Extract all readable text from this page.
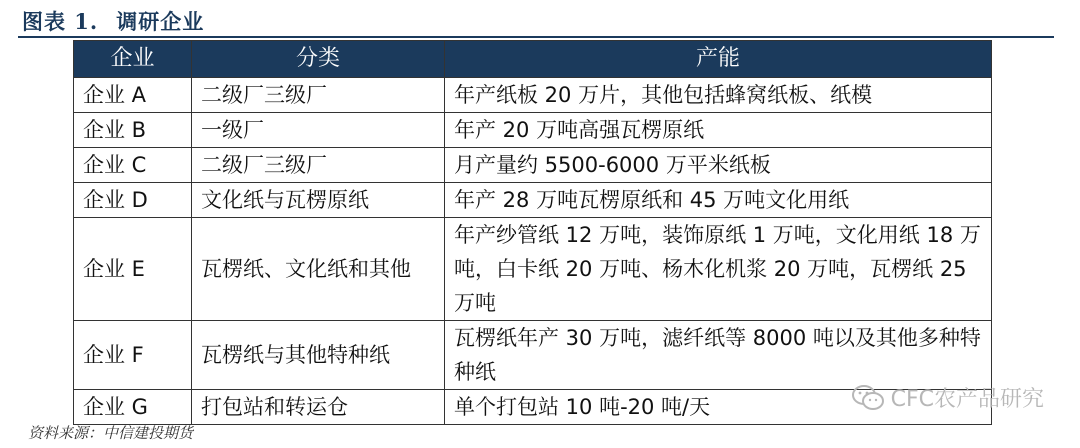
图表 1. 调研企业
企业	分类	产能
企业 A	二级厂三级厂	年产纸板 20 万片，其他包括蜂窝纸板、纸模
企业 B	一级厂	年产 20 万吨高强瓦楞原纸
企业 C	二级厂三级厂	月产量约 5500-6000 万平米纸板
企业 D	文化纸与瓦楞原纸	年产 28 万吨瓦楞原纸和 45 万吨文化用纸
企业 E	瓦楞纸、文化纸和其他	年产纱管纸 12 万吨，装饰原纸 1 万吨，文化用纸 18 万吨，白卡纸 20 万吨、杨木化机浆 20 万吨，瓦楞纸 25 万吨
企业 F	瓦楞纸与其他特种纸	瓦楞纸年产 30 万吨，滤纤纸等 8000 吨以及其他多种特种纸
企业 G	打包站和转运仓	单个打包站 10 吨-20 吨/天	CFC农产品研究
资料来源：中信建投期货
